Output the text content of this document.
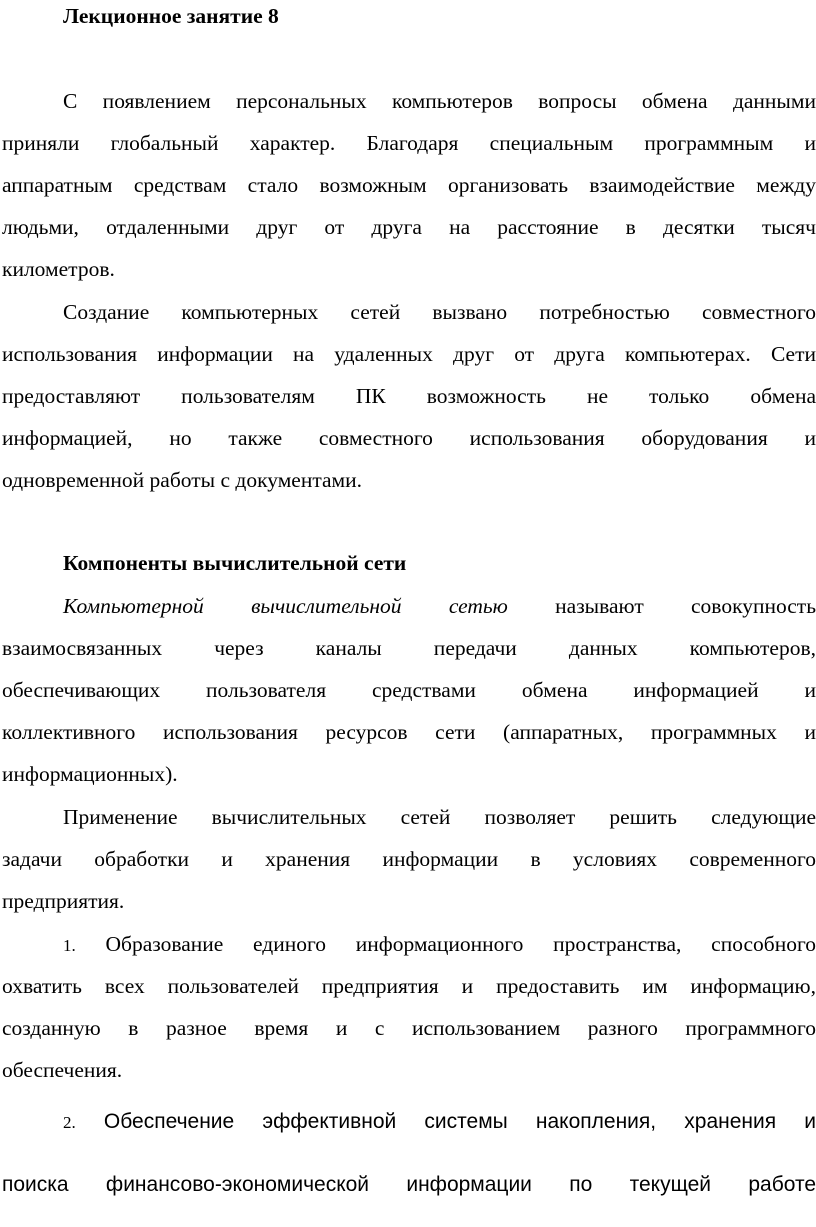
Лекционное занятие 8
С появлением персональных компьютеров вопросы обмена данными
приняли глобальный характер. Благодаря специальным программным и
аппаратным средствам стало возможным организовать взаимодействие между
людьми, отдаленными друг от друга на расстояние в десятки тысяч
километров.
Создание компьютерных сетей вызвано потребностью совместного
использования информации на удаленных друг от друга компьютерах. Сети
предоставляют пользователям ПК возможность не только обмена
информацией, но также совместного использования оборудования и
одновременной работы с документами.
Компоненты вычислительной сети
Компьютерной вычислительной сетью называют совокупность
взаимосвязанных через каналы передачи данных компьютеров,
обеспечивающих пользователя средствами обмена информацией и
коллективного использования ресурсов сети (аппаратных, программных и
информационных).
Применение вычислительных сетей позволяет решить следующие
задачи обработки и хранения информации в условиях современного
предприятия.
1. Образование единого информационного пространства, способного
охватить всех пользователей предприятия и предоставить им информацию,
созданную в разное время и с использованием разного программного
обеспечения.
2. Обеспечение эффективной системы накопления, хранения и
поиска финансово-экономической информации по текущей работе
